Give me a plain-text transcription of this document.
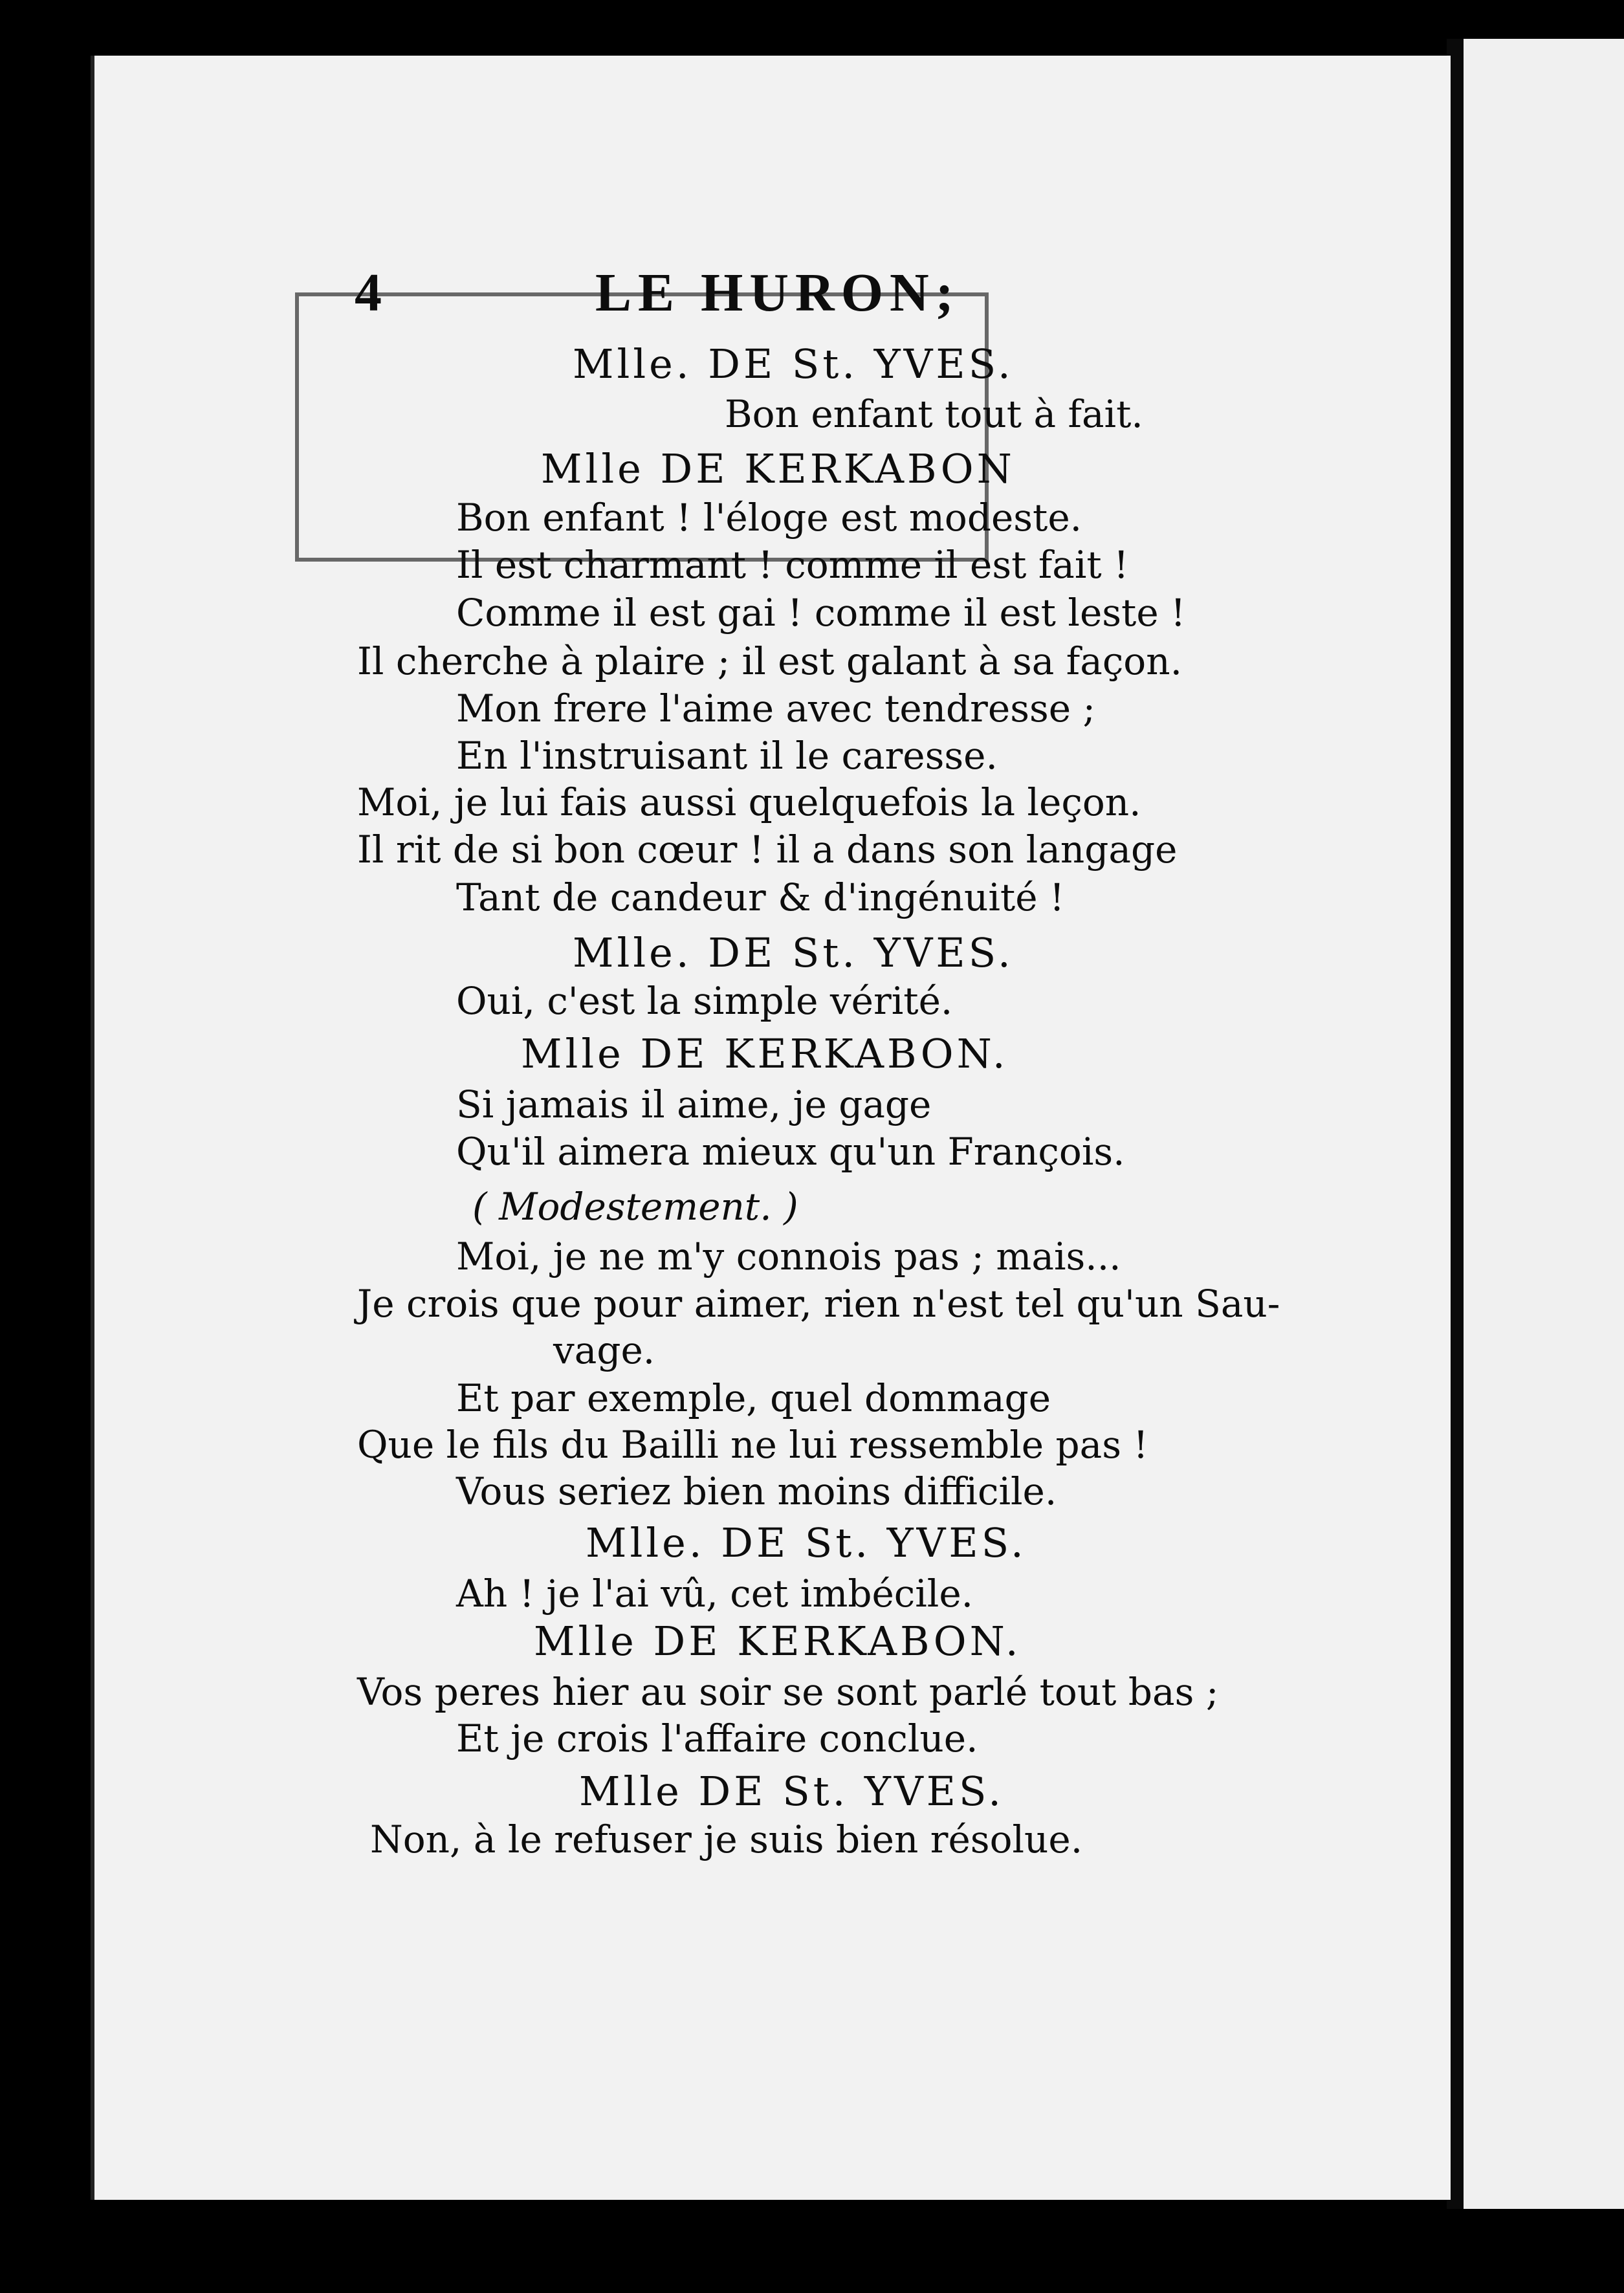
LE HURON;
4
Mlle. DE St. YVES.
Bon enfant tout à fait.
Mlle DE KERKABON
Bon enfant ! l'éloge est modeste.
Il est charmant ! comme il est fait !
Comme il est gai ! comme il est leste !
Il cherche à plaire ; il est galant à sa façon.
Mon frere l'aime avec tendresse ;
En l'instruisant il le caresse.
Moi, je lui fais aussi quelquefois la leçon.
Il rit de si bon cœur ! il a dans son langage
Tant de candeur & d'ingénuité !
Mlle. DE St. YVES.
Oui, c'est la simple vérité.
Mlle DE KERKABON.
Si jamais il aime, je gage
Qu'il aimera mieux qu'un François.
( Modestement. )
Moi, je ne m'y connois pas ; mais...
Je crois que pour aimer, rien n'est tel qu'un Sau-
vage.
Et par exemple, quel dommage
Que le fils du Bailli ne lui ressemble pas !
Vous seriez bien moins difficile.
Mlle. DE St. YVES.
Ah ! je l'ai vû, cet imbécile.
Mlle DE KERKABON.
Vos peres hier au soir se sont parlé tout bas ;
Et je crois l'affaire conclue.
Mlle DE St. YVES.
Non, à le refuser je suis bien résolue.
